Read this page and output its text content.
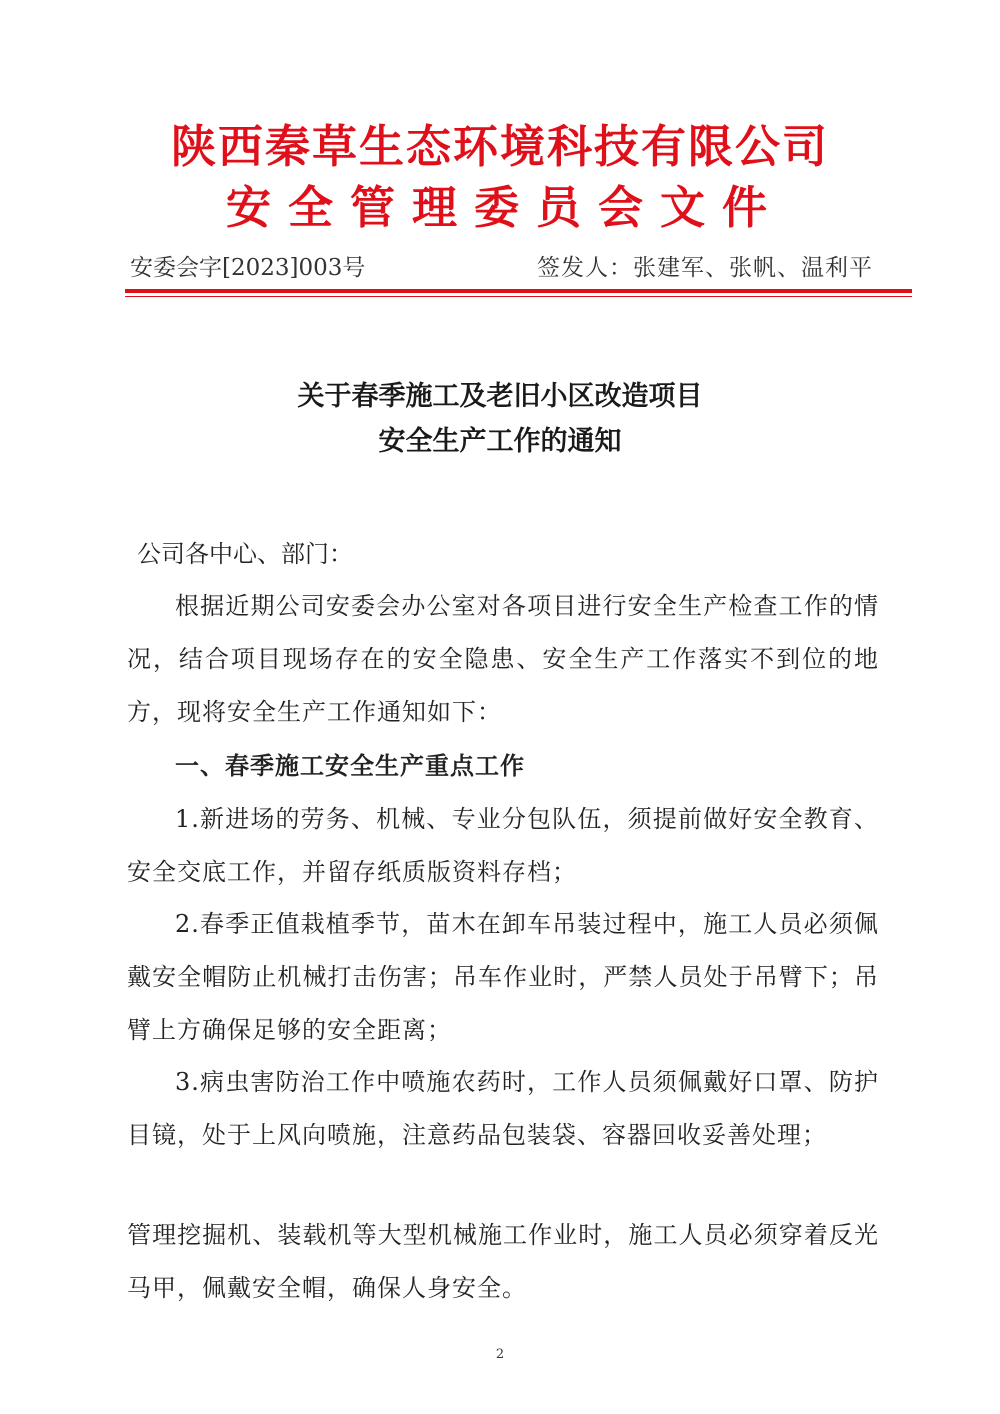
陕西秦草生态环境科技有限公司
安全管理委员会文件
安委会字[2023]003号	签发人：张建军、张帆、温利平
关于春季施工及老旧小区改造项目
安全生产工作的通知
公司各中心、部门：

根据近期公司安委会办公室对各项目进行安全生产检查工作的情况，结合项目现场存在的安全隐患、安全生产工作落实不到位的地方，现将安全生产工作通知如下：

一、春季施工安全生产重点工作

1.新进场的劳务、机械、专业分包队伍，须提前做好安全教育、安全交底工作，并留存纸质版资料存档；

2.春季正值栽植季节，苗木在卸车吊装过程中，施工人员必须佩戴安全帽防止机械打击伤害；吊车作业时，严禁人员处于吊臂下；吊臂上方确保足够的安全距离；

3.病虫害防治工作中喷施农药时，工作人员须佩戴好口罩、防护目镜，处于上风向喷施，注意药品包装袋、容器回收妥善处理；

管理挖掘机、装载机等大型机械施工作业时，施工人员必须穿着反光马甲，佩戴安全帽，确保人身安全。

2
